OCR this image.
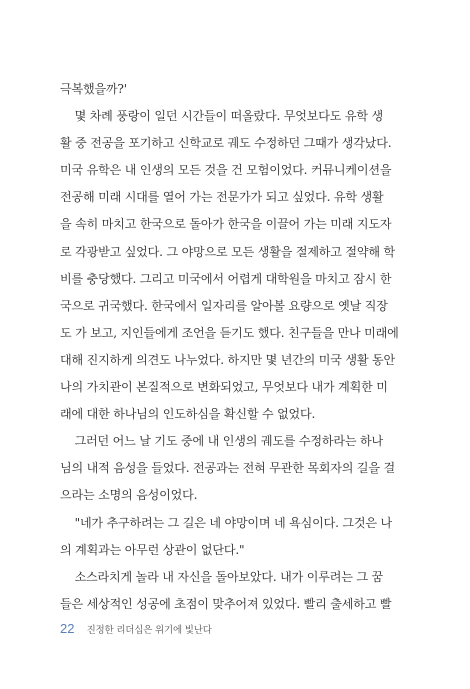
극복했을까?'
몇 차례 풍랑이 일던 시간들이 떠올랐다. 무엇보다도 유학 생
활 중 전공을 포기하고 신학교로 궤도 수정하던 그때가 생각났다.
미국 유학은 내 인생의 모든 것을 건 모험이었다. 커뮤니케이션을
전공해 미래 시대를 열어 가는 전문가가 되고 싶었다. 유학 생활
을 속히 마치고 한국으로 돌아가 한국을 이끌어 가는 미래 지도자
로 각광받고 싶었다. 그 야망으로 모든 생활을 절제하고 절약해 학
비를 충당했다. 그리고 미국에서 어렵게 대학원을 마치고 잠시 한
국으로 귀국했다. 한국에서 일자리를 알아볼 요량으로 옛날 직장
도 가 보고, 지인들에게 조언을 듣기도 했다. 친구들을 만나 미래에
대해 진지하게 의견도 나누었다. 하지만 몇 년간의 미국 생활 동안
나의 가치관이 본질적으로 변화되었고, 무엇보다 내가 계획한 미
래에 대한 하나님의 인도하심을 확신할 수 없었다.
그러던 어느 날 기도 중에 내 인생의 궤도를 수정하라는 하나
님의 내적 음성을 들었다. 전공과는 전혀 무관한 목회자의 길을 걸
으라는 소명의 음성이었다.
"네가 추구하려는 그 길은 네 야망이며 네 욕심이다. 그것은 나
의 계획과는 아무런 상관이 없단다."
소스라치게 놀라 내 자신을 돌아보았다. 내가 이루려는 그 꿈
들은 세상적인 성공에 초점이 맞추어져 있었다. 빨리 출세하고 빨
22 진정한 리더십은 위기에 빛난다
